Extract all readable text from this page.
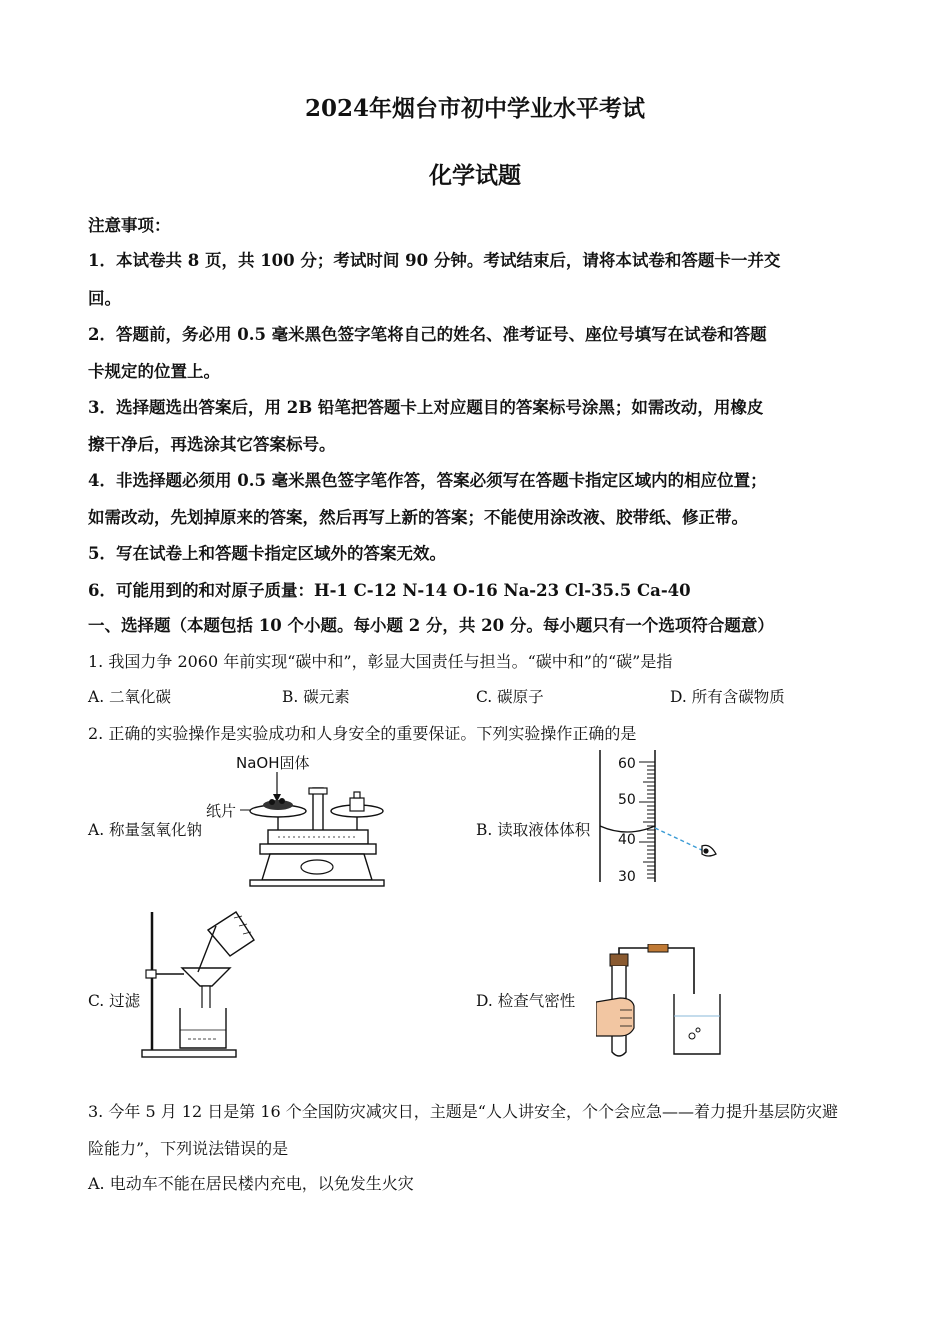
2024年烟台市初中学业水平考试
化学试题
注意事项：
1．本试卷共 8 页，共 100 分；考试时间 90 分钟。考试结束后，请将本试卷和答题卡一并交
回。
2．答题前，务必用 0.5 毫米黑色签字笔将自己的姓名、准考证号、座位号填写在试卷和答题
卡规定的位置上。
3．选择题选出答案后，用 2B 铅笔把答题卡上对应题目的答案标号涂黑；如需改动，用橡皮
擦干净后，再选涂其它答案标号。
4．非选择题必须用 0.5 毫米黑色签字笔作答，答案必须写在答题卡指定区域内的相应位置；
如需改动，先划掉原来的答案，然后再写上新的答案；不能使用涂改液、胶带纸、修正带。
5．写在试卷上和答题卡指定区域外的答案无效。
6．可能用到的和对原子质量：H-1 C-12 N-14 O-16 Na-23 Cl-35.5 Ca-40
一、选择题（本题包括 10 个小题。每小题 2 分，共 20 分。每小题只有一个选项符合题意）
1. 我国力争 2060 年前实现“碳中和”，彰显大国责任与担当。“碳中和”的“碳”是指
A. 二氧化碳	B. 碳元素	C. 碳原子	D. 所有含碳物质
2. 正确的实验操作是实验成功和人身安全的重要保证。下列实验操作正确的是
A. 称量氢氧化钠	B. 读取液体体积
C. 过滤	D. 检查气密性
NaOH固体
纸片
60
50
40
30
3. 今年 5 月 12 日是第 16 个全国防灾减灾日，主题是“人人讲安全，个个会应急——着力提升基层防灾避
险能力”，下列说法错误的是
A. 电动车不能在居民楼内充电，以免发生火灾
